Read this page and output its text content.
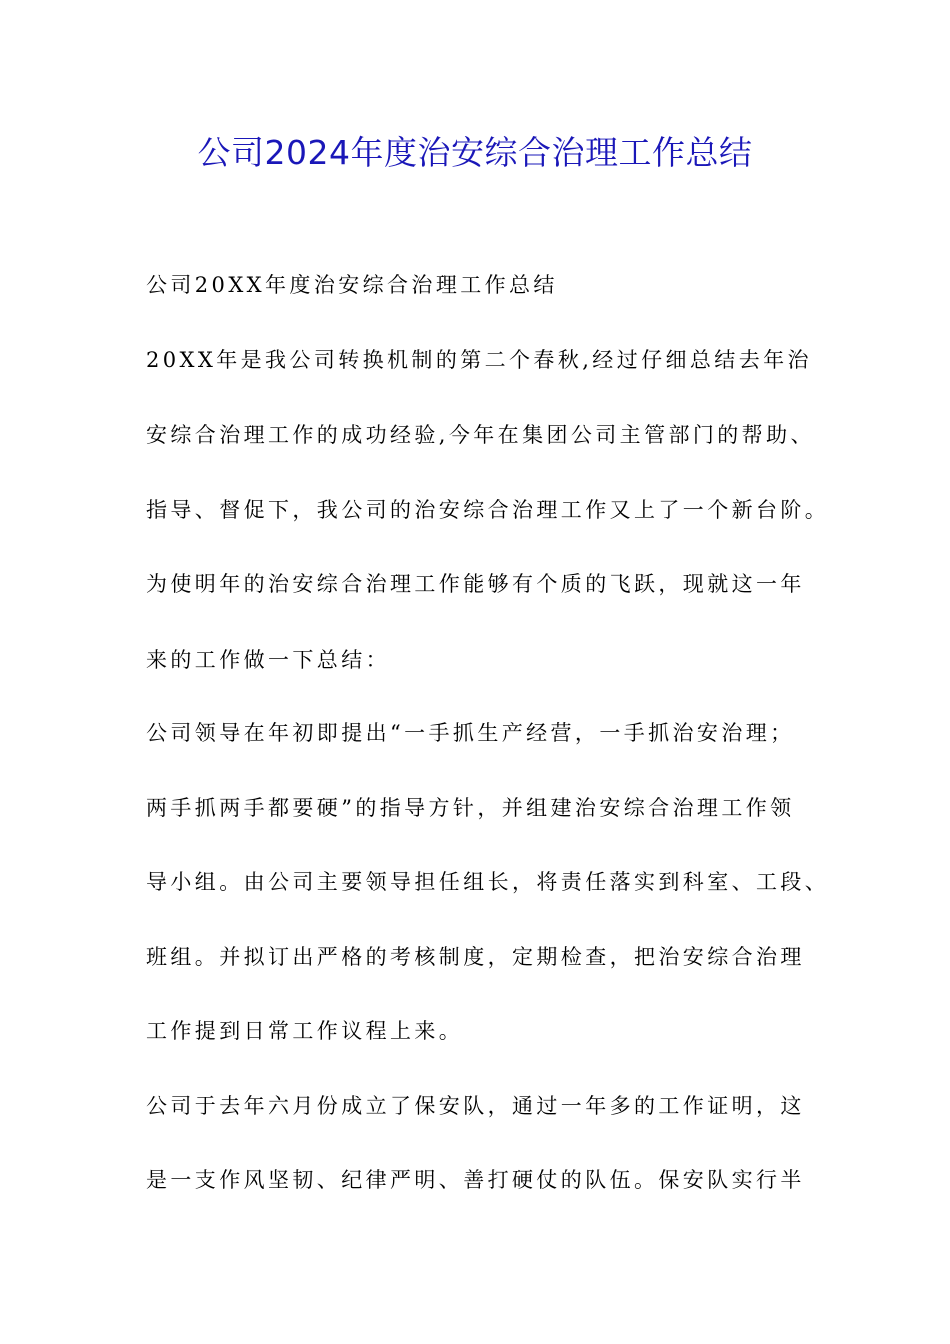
公司2024年度治安综合治理工作总结
公司20XX年度治安综合治理工作总结
20XX年是我公司转换机制的第二个春秋,经过仔细总结去年治
安综合治理工作的成功经验,今年在集团公司主管部门的帮助、
指导、督促下，我公司的治安综合治理工作又上了一个新台阶。
为使明年的治安综合治理工作能够有个质的飞跃，现就这一年
来的工作做一下总结：
公司领导在年初即提出“一手抓生产经营，一手抓治安治理；
两手抓两手都要硬”的指导方针，并组建治安综合治理工作领
导小组。由公司主要领导担任组长，将责任落实到科室、工段、
班组。并拟订出严格的考核制度，定期检查，把治安综合治理
工作提到日常工作议程上来。
公司于去年六月份成立了保安队，通过一年多的工作证明，这
是一支作风坚韧、纪律严明、善打硬仗的队伍。保安队实行半
